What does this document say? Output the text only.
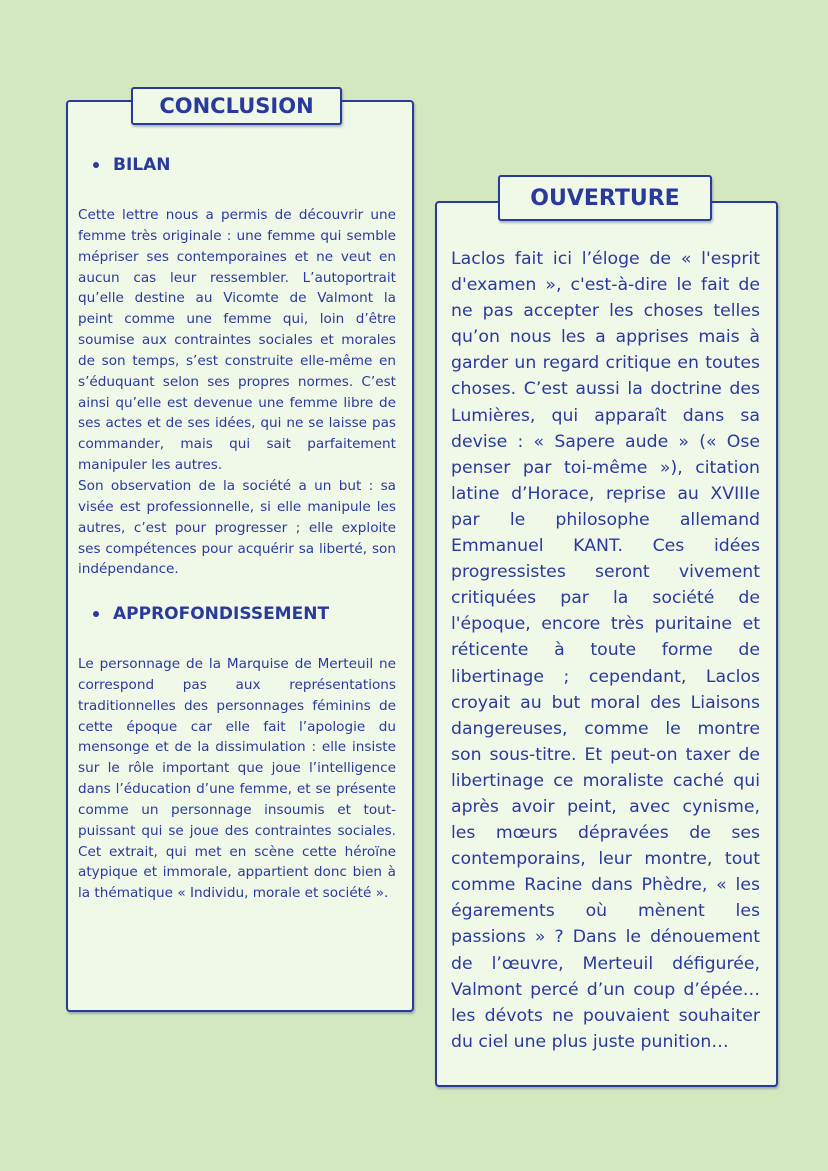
CONCLUSION
BILAN

Cette lettre nous a permis de découvrir une femme très originale : une femme qui semble mépriser ses contemporaines et ne veut en aucun cas leur ressembler. L’autoportrait qu’elle destine au Vicomte de Valmont la peint comme une femme qui, loin d’être soumise aux contraintes sociales et morales de son temps, s’est construite elle-même en s’éduquant selon ses propres normes. C’est ainsi qu’elle est devenue une femme libre de ses actes et de ses idées, qui ne se laisse pas commander, mais qui sait parfaitement manipuler les autres.

Son observation de la société a un but : sa visée est professionnelle, si elle manipule les autres, c’est pour progresser ; elle exploite ses compétences pour acquérir sa liberté, son indépendance.

APPROFONDISSEMENT

Le personnage de la Marquise de Merteuil ne correspond pas aux représentations traditionnelles des personnages féminins de cette époque car elle fait l’apologie du mensonge et de la dissimulation : elle insiste sur le rôle important que joue l’intelligence dans l’éducation d’une femme, et se présente comme un personnage insoumis et tout-puissant qui se joue des contraintes sociales. Cet extrait, qui met en scène cette héroïne atypique et immorale, appartient donc bien à la thématique « Individu, morale et société ».

OUVERTURE

Laclos fait ici l’éloge de « l'esprit d'examen », c'est-à-dire le fait de ne pas accepter les choses telles qu’on nous les a apprises mais à garder un regard critique en toutes choses. C’est aussi la doctrine des Lumières, qui apparaît dans sa devise : « Sapere aude » (« Ose penser par toi-même »), citation latine d’Horace, reprise au XVIIIe par le philosophe allemand Emmanuel KANT. Ces idées progressistes seront vivement critiquées par la société de l'époque, encore très puritaine et réticente à toute forme de libertinage ; cependant, Laclos croyait au but moral des Liaisons dangereuses, comme le montre son sous-titre. Et peut-on taxer de libertinage ce moraliste caché qui après avoir peint, avec cynisme, les mœurs dépravées de ses contemporains, leur montre, tout comme Racine dans Phèdre, « les égarements où mènent les passions » ? Dans le dénouement de l’œuvre, Merteuil défigurée, Valmont percé d’un coup d’épée… les dévots ne pouvaient souhaiter du ciel une plus juste punition…
